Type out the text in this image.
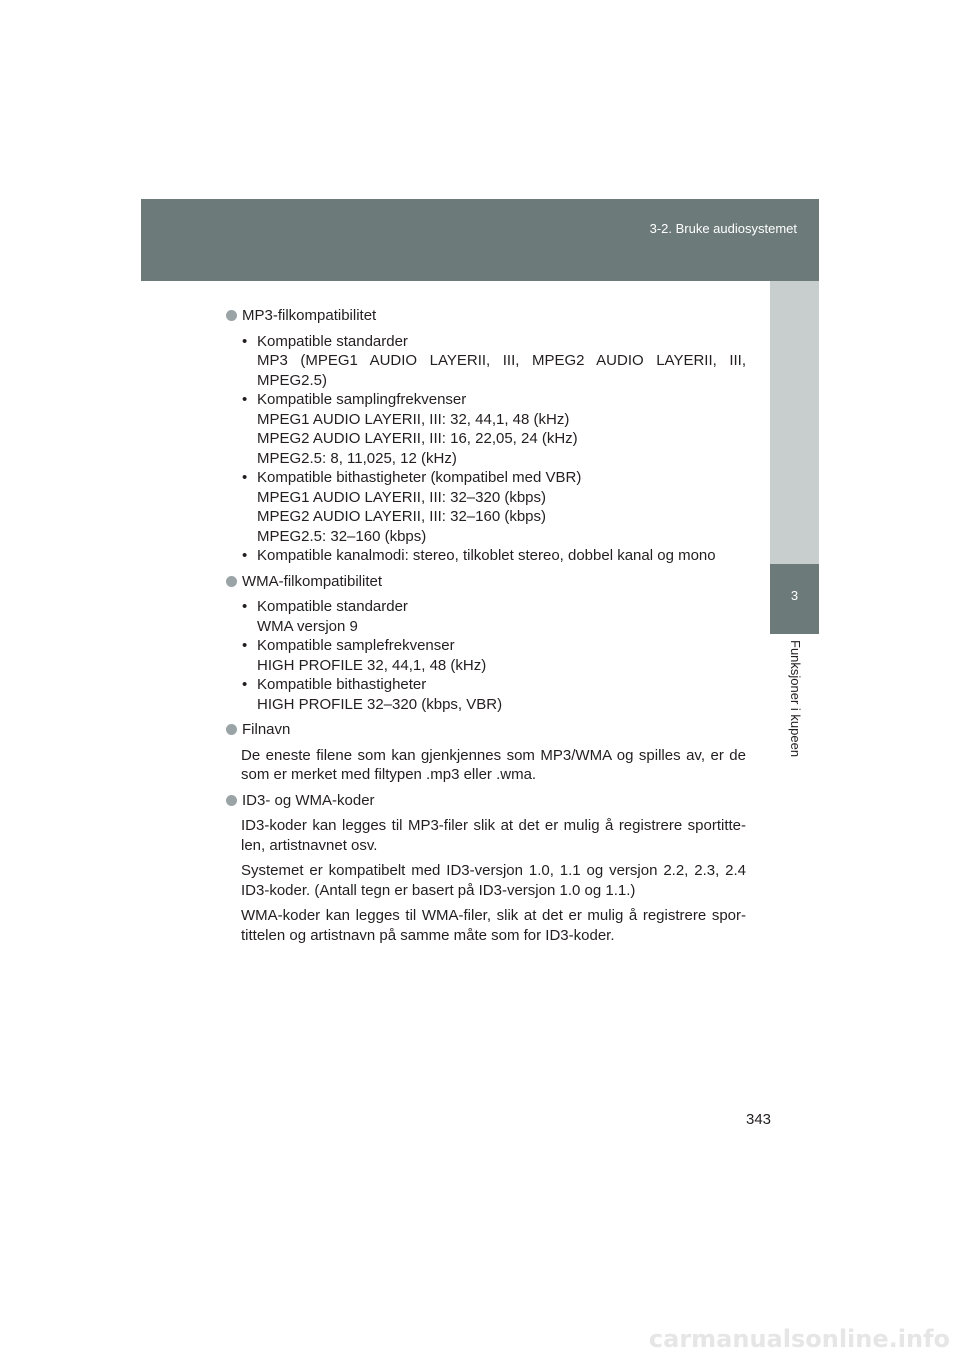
3-2. Bruke audiosystemet
3
Funksjoner i kupeen
MP3-filkompatibilitet
• Kompatible standarder
MP3 (MPEG1 AUDIO LAYERII, III, MPEG2 AUDIO LAYERII, III, MPEG2.5)
• Kompatible samplingfrekvenser
MPEG1 AUDIO LAYERII, III: 32, 44,1, 48 (kHz)
MPEG2 AUDIO LAYERII, III: 16, 22,05, 24 (kHz)
MPEG2.5: 8, 11,025, 12 (kHz)
• Kompatible bithastigheter (kompatibel med VBR)
MPEG1 AUDIO LAYERII, III: 32–320 (kbps)
MPEG2 AUDIO LAYERII, III: 32–160 (kbps)
MPEG2.5: 32–160 (kbps)
• Kompatible kanalmodi: stereo, tilkoblet stereo, dobbel kanal og mono
WMA-filkompatibilitet
• Kompatible standarder
WMA versjon 9
• Kompatible samplefrekvenser
HIGH PROFILE 32, 44,1, 48 (kHz)
• Kompatible bithastigheter
HIGH PROFILE 32–320 (kbps, VBR)
Filnavn
De eneste filene som kan gjenkjennes som MP3/WMA og spilles av, er de som er merket med filtypen .mp3 eller .wma.
ID3- og WMA-koder
ID3-koder kan legges til MP3-filer slik at det er mulig å registrere sportitte-len, artistnavnet osv.
Systemet er kompatibelt med ID3-versjon 1.0, 1.1 og versjon 2.2, 2.3, 2.4 ID3-koder. (Antall tegn er basert på ID3-versjon 1.0 og 1.1.)
WMA-koder kan legges til WMA-filer, slik at det er mulig å registrere spor-tittelen og artistnavn på samme måte som for ID3-koder.
343
carmanualsonline.info
